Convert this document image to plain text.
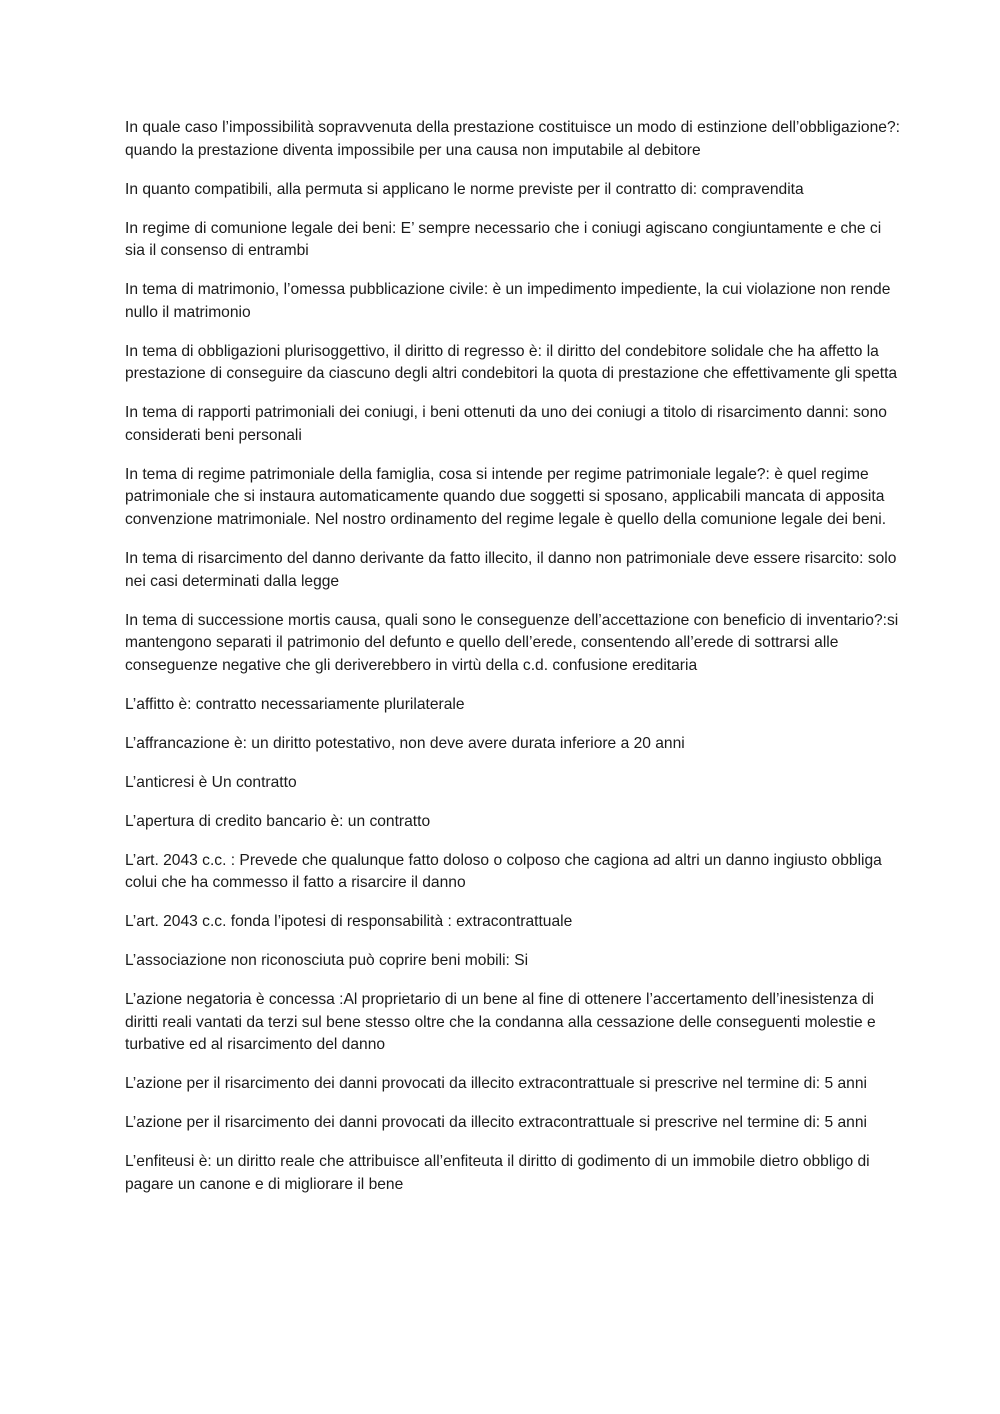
In quale caso l’impossibilità sopravvenuta della prestazione costituisce un modo di estinzione dell’obbligazione?: quando la prestazione diventa impossibile per una causa non imputabile al debitore

In quanto compatibili, alla permuta si applicano le norme previste per il contratto di: compravendita

In regime di comunione legale dei beni: E’ sempre necessario che i coniugi agiscano congiuntamente e che ci sia il consenso di entrambi

In tema di matrimonio, l’omessa pubblicazione civile: è un impedimento impediente, la cui violazione non rende nullo il matrimonio

In tema di obbligazioni plurisoggettivo, il diritto di regresso è: il diritto del condebitore solidale che ha affetto la prestazione di conseguire da ciascuno degli altri condebitori la quota di prestazione che effettivamente gli spetta

In tema di rapporti patrimoniali dei coniugi, i beni ottenuti da uno dei coniugi a titolo di risarcimento danni: sono considerati beni personali

In tema di regime patrimoniale della famiglia, cosa si intende per regime patrimoniale legale?: è quel regime patrimoniale che si instaura automaticamente quando due soggetti si sposano, applicabili mancata di apposita convenzione matrimoniale. Nel nostro ordinamento del regime legale è quello della comunione legale dei beni.

In tema di risarcimento del danno derivante da fatto illecito, il danno non patrimoniale deve essere risarcito: solo nei casi determinati dalla legge

In tema di successione mortis causa, quali sono le conseguenze dell’accettazione con beneficio di inventario?:si mantengono separati il patrimonio del defunto e quello dell’erede, consentendo all’erede di sottrarsi alle conseguenze negative che gli deriverebbero in virtù della c.d. confusione ereditaria

L’affitto è: contratto necessariamente plurilaterale

L’affrancazione è: un diritto potestativo, non deve avere durata inferiore a 20 anni

L’anticresi è Un contratto

L’apertura di credito bancario è: un contratto

L’art. 2043 c.c. : Prevede che qualunque fatto doloso o colposo che cagiona ad altri un danno ingiusto obbliga colui che ha commesso il fatto a risarcire il danno

L’art. 2043 c.c. fonda l’ipotesi di responsabilità : extracontrattuale

L’associazione non riconosciuta può coprire beni mobili: Si

L’azione negatoria è concessa :Al proprietario di un bene al fine di ottenere l’accertamento dell’inesistenza di diritti reali vantati da terzi sul bene stesso oltre che la condanna alla cessazione delle conseguenti molestie e turbative ed al risarcimento del danno

L’azione per il risarcimento dei danni provocati da illecito extracontrattuale si prescrive nel termine di: 5 anni

L’azione per il risarcimento dei danni provocati da illecito extracontrattuale si prescrive nel termine di: 5 anni

L’enfiteusi è: un diritto reale che attribuisce all’enfiteuta il diritto di godimento di un immobile dietro obbligo di pagare un canone e di migliorare il bene
